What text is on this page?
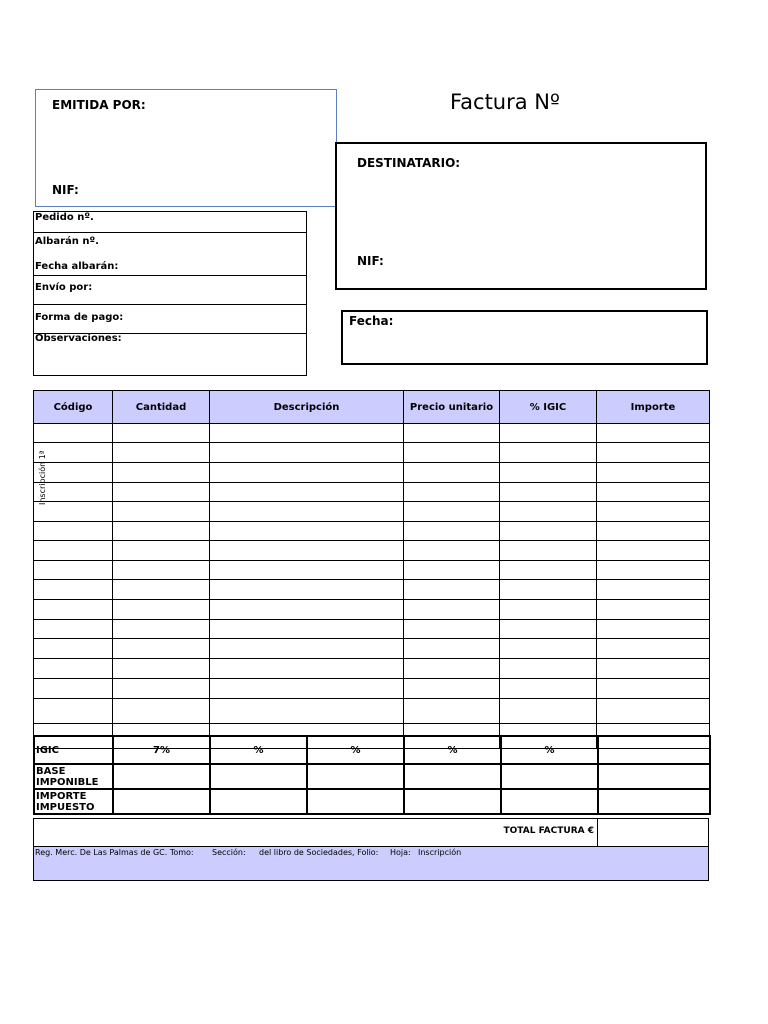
EMITIDA POR:
NIF:
Factura Nº
DESTINATARIO:
NIF:
Fecha:
Pedido nº.
Albarán nº.
Fecha albarán:
Envío por:
Forma de pago:
Observaciones:
Código	Cantidad	Descripción	Precio unitario	% IGIC	Importe

Inscripción 1ª
IGIC	7%	%	%	%	%	
BASE
IMPONIBLE						
IMPORTE
IMPUESTO						
TOTAL FACTURA €
Reg. Merc. De Las Palmas de GC. Tomo: Sección: del libro de Sociedades, Folio: Hoja: Inscripción
